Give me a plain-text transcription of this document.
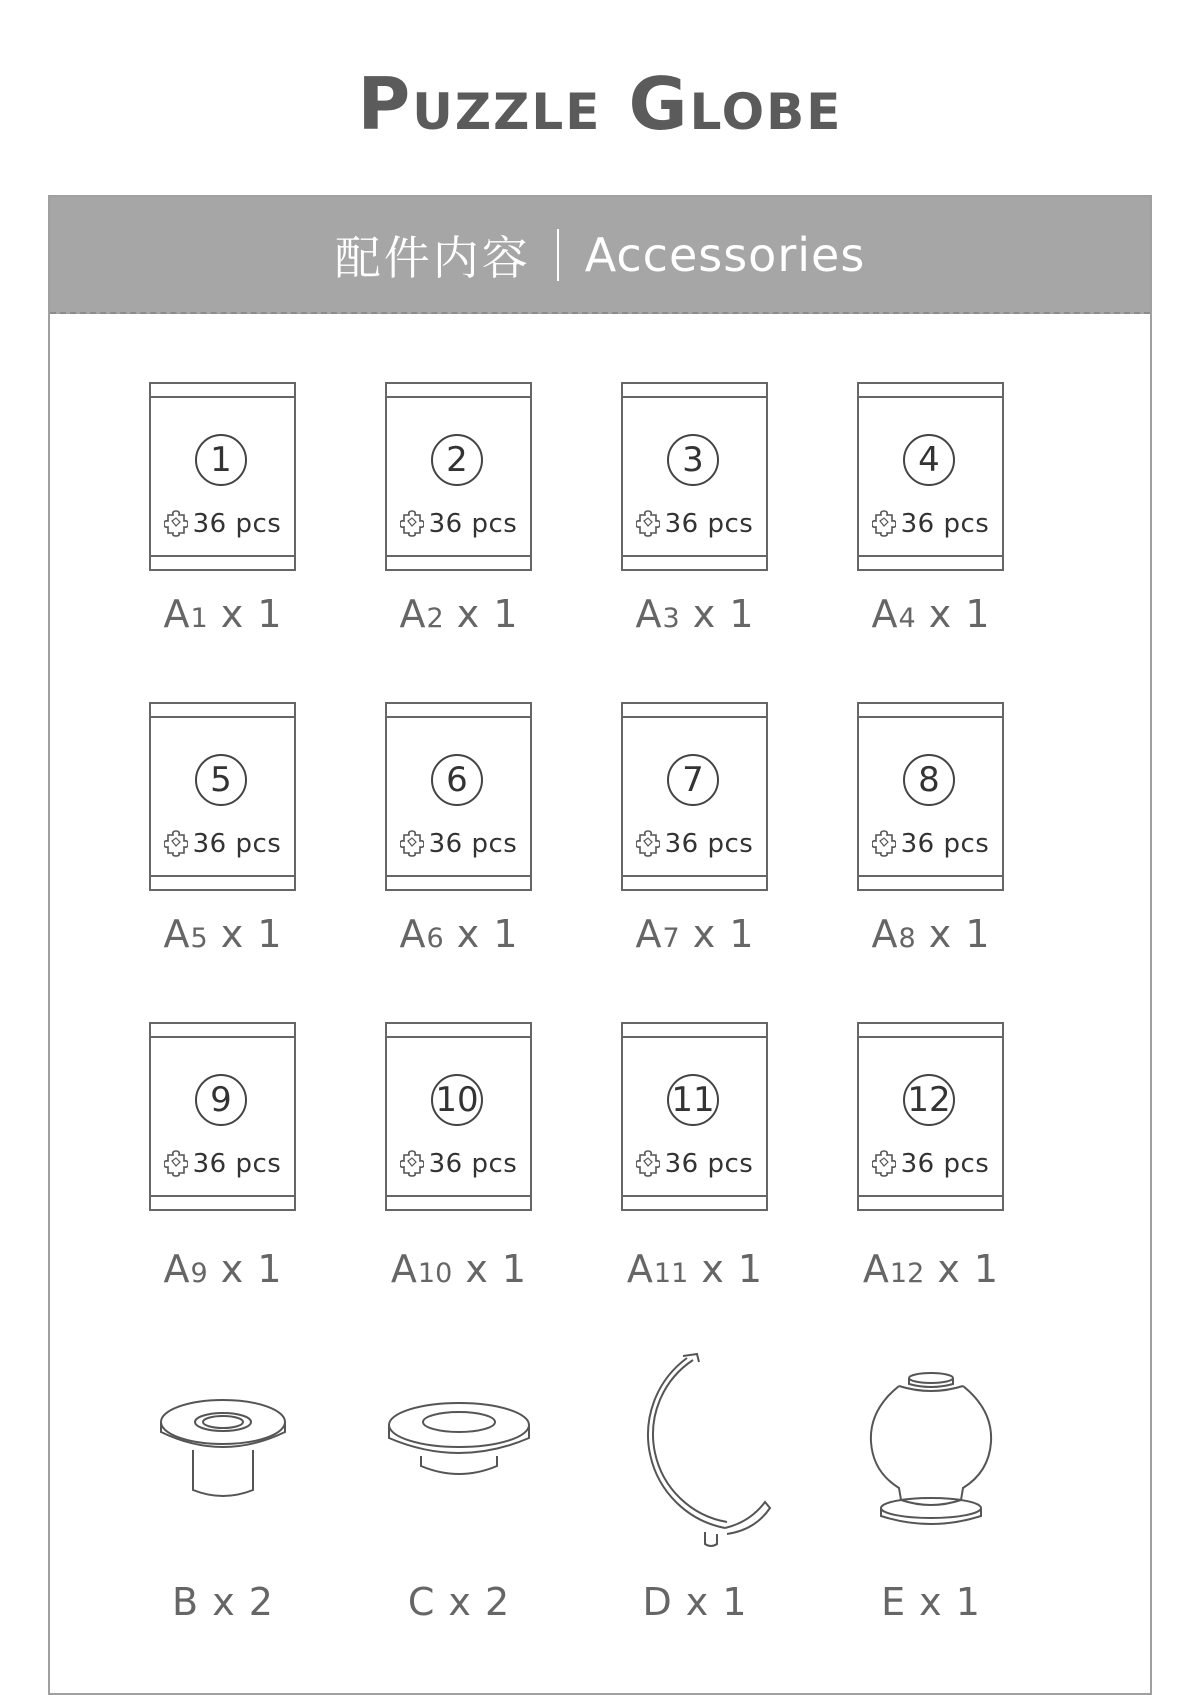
Puzzle Globe
配件内容 Accessories
1
36 pcs
A1 x 1
2
36 pcs
A2 x 1
3
36 pcs
A3 x 1
4
36 pcs
A4 x 1
5
36 pcs
A5 x 1
6
36 pcs
A6 x 1
7
36 pcs
A7 x 1
8
36 pcs
A8 x 1
9
36 pcs
A9 x 1
10
36 pcs
A10 x 1
11
36 pcs
A11 x 1
12
36 pcs
A12 x 1
B x 2	C x 2	D x 1	E x 1
